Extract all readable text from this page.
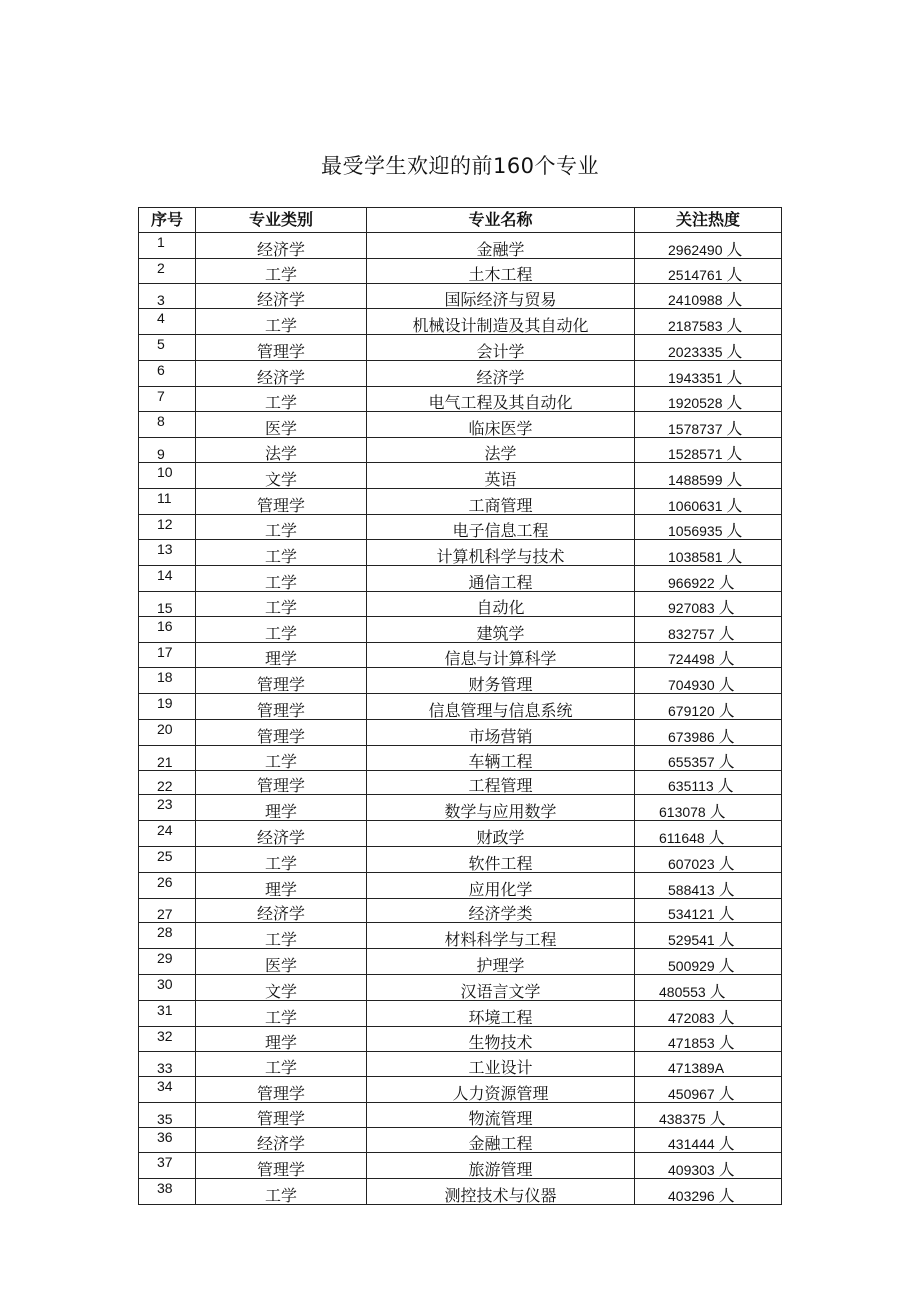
最受学生欢迎的前160个专业
序号	专业类别	专业名称	关注热度
1	经济学	金融学	2962490 人
2	工学	土木工程	2514761 人
3	经济学	国际经济与贸易	2410988 人
4	工学	机械设计制造及其自动化	2187583 人
5	管理学	会计学	2023335 人
6	经济学	经济学	1943351 人
7	工学	电气工程及其自动化	1920528 人
8	医学	临床医学	1578737 人
9	法学	法学	1528571 人
10	文学	英语	1488599 人
11	管理学	工商管理	1060631 人
12	工学	电子信息工程	1056935 人
13	工学	计算机科学与技术	1038581 人
14	工学	通信工程	966922 人
15	工学	自动化	927083 人
16	工学	建筑学	832757 人
17	理学	信息与计算科学	724498 人
18	管理学	财务管理	704930 人
19	管理学	信息管理与信息系统	679120 人
20	管理学	市场营销	673986 人
21	工学	车辆工程	655357 人
22	管理学	工程管理	635113 人
23	理学	数学与应用数学	613078 人
24	经济学	财政学	611648 人
25	工学	软件工程	607023 人
26	理学	应用化学	588413 人
27	经济学	经济学类	534121 人
28	工学	材料科学与工程	529541 人
29	医学	护理学	500929 人
30	文学	汉语言文学	480553 人
31	工学	环境工程	472083 人
32	理学	生物技术	471853 人
33	工学	工业设计	471389A
34	管理学	人力资源管理	450967 人
35	管理学	物流管理	438375 人
36	经济学	金融工程	431444 人
37	管理学	旅游管理	409303 人
38	工学	测控技术与仪器	403296 人
